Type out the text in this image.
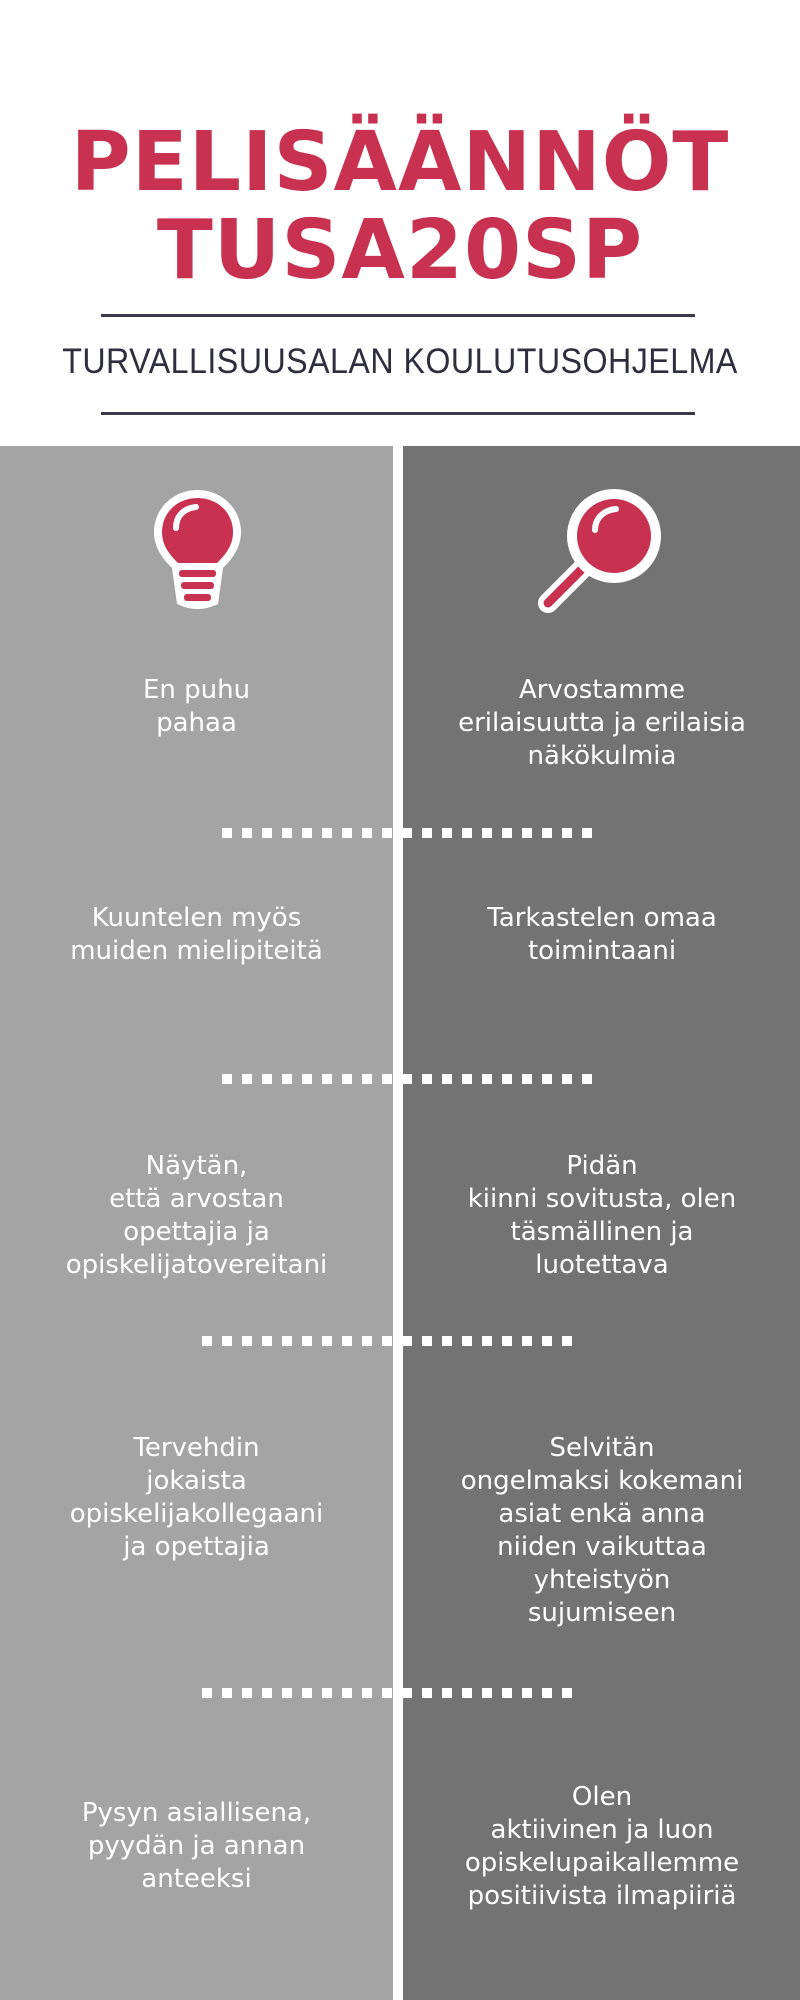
PELISÄÄNNÖT
TUSA20SP
TURVALLISUUSALAN KOULUTUSOHJELMA
En puhu
pahaa
Arvostamme
erilaisuutta ja erilaisia
näkökulmia
Kuuntelen myös
muiden mielipiteitä
Tarkastelen omaa
toimintaani
Näytän,
että arvostan
opettajia ja
opiskelijatovereitani
Pidän
kiinni sovitusta, olen
täsmällinen ja
luotettava
Tervehdin
jokaista
opiskelijakollegaani
ja opettajia
Selvitän
ongelmaksi kokemani
asiat enkä anna
niiden vaikuttaa
yhteistyön
sujumiseen
Pysyn asiallisena,
pyydän ja annan
anteeksi
Olen
aktiivinen ja luon
opiskelupaikallemme
positiivista ilmapiiriä
